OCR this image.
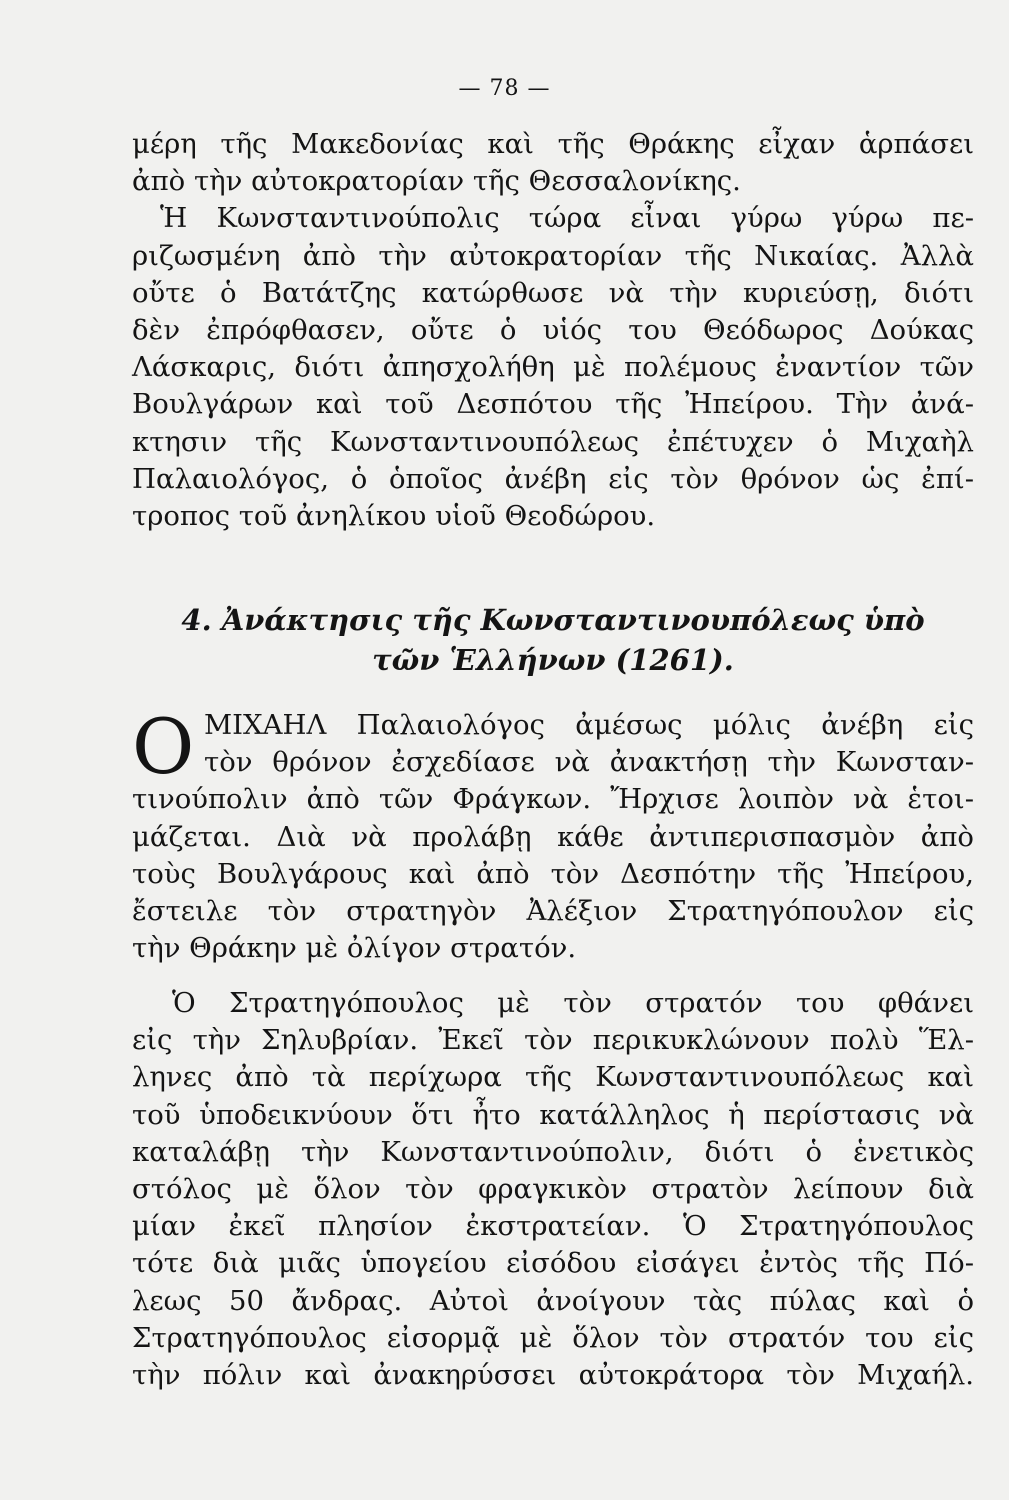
— 78 —
μέρη τῆς Μακεδονίας καὶ τῆς Θράκης εἶχαν ἁρπάσει
ἀπὸ τὴν αὐτοκρατορίαν τῆς Θεσσαλονίκης.
Ἡ Κωνσταντινούπολις τώρα εἶναι γύρω γύρω πε-
ριζωσμένη ἀπὸ τὴν αὐτοκρατορίαν τῆς Νικαίας. Ἀλλὰ
οὔτε ὁ Βατάτζης κατώρθωσε νὰ τὴν κυριεύσῃ, διότι
δὲν ἐπρόφθασεν, οὔτε ὁ υἱός του Θεόδωρος Δούκας
Λάσκαρις, διότι ἀπησχολήθη μὲ πολέμους ἐναντίον τῶν
Βουλγάρων καὶ τοῦ Δεσπότου τῆς Ἠπείρου. Τὴν ἀνά-
κτησιν τῆς Κωνσταντινουπόλεως ἐπέτυχεν ὁ Μιχαὴλ
Παλαιολόγος, ὁ ὁποῖος ἀνέβη εἰς τὸν θρόνον ὡς ἐπί-
τροπος τοῦ ἀνηλίκου υἱοῦ Θεοδώρου.
4. Ἀνάκτησις τῆς Κωνσταντινουπόλεως ὑπὸ
τῶν Ἑλλήνων (1261).
Ο ΜΙΧΑΗΛ Παλαιολόγος ἀμέσως μόλις ἀνέβη εἰς
τὸν θρόνον ἐσχεδίασε νὰ ἀνακτήσῃ τὴν Κωνσταν-
τινούπολιν ἀπὸ τῶν Φράγκων. Ἤρχισε λοιπὸν νὰ ἑτοι-
μάζεται. Διὰ νὰ προλάβῃ κάθε ἀντιπερισπασμὸν ἀπὸ
τοὺς Βουλγάρους καὶ ἀπὸ τὸν Δεσπότην τῆς Ἠπείρου,
ἔστειλε τὸν στρατηγὸν Ἀλέξιον Στρατηγόπουλον εἰς
τὴν Θράκην μὲ ὀλίγον στρατόν.
Ὁ Στρατηγόπουλος μὲ τὸν στρατόν του φθάνει
εἰς τὴν Σηλυβρίαν. Ἐκεῖ τὸν περικυκλώνουν πολὺ Ἕλ-
ληνες ἀπὸ τὰ περίχωρα τῆς Κωνσταντινουπόλεως καὶ
τοῦ ὑποδεικνύουν ὅτι ἦτο κατάλληλος ἡ περίστασις νὰ
καταλάβῃ τὴν Κωνσταντινούπολιν, διότι ὁ ἑνετικὸς
στόλος μὲ ὅλον τὸν φραγκικὸν στρατὸν λείπουν διὰ
μίαν ἐκεῖ πλησίον ἐκστρατείαν. Ὁ Στρατηγόπουλος
τότε διὰ μιᾶς ὑπογείου εἰσόδου εἰσάγει ἐντὸς τῆς Πό-
λεως 50 ἄνδρας. Αὐτοὶ ἀνοίγουν τὰς πύλας καὶ ὁ
Στρατηγόπουλος εἰσορμᾷ μὲ ὅλον τὸν στρατόν του εἰς
τὴν πόλιν καὶ ἀνακηρύσσει αὐτοκράτορα τὸν Μιχαήλ.
